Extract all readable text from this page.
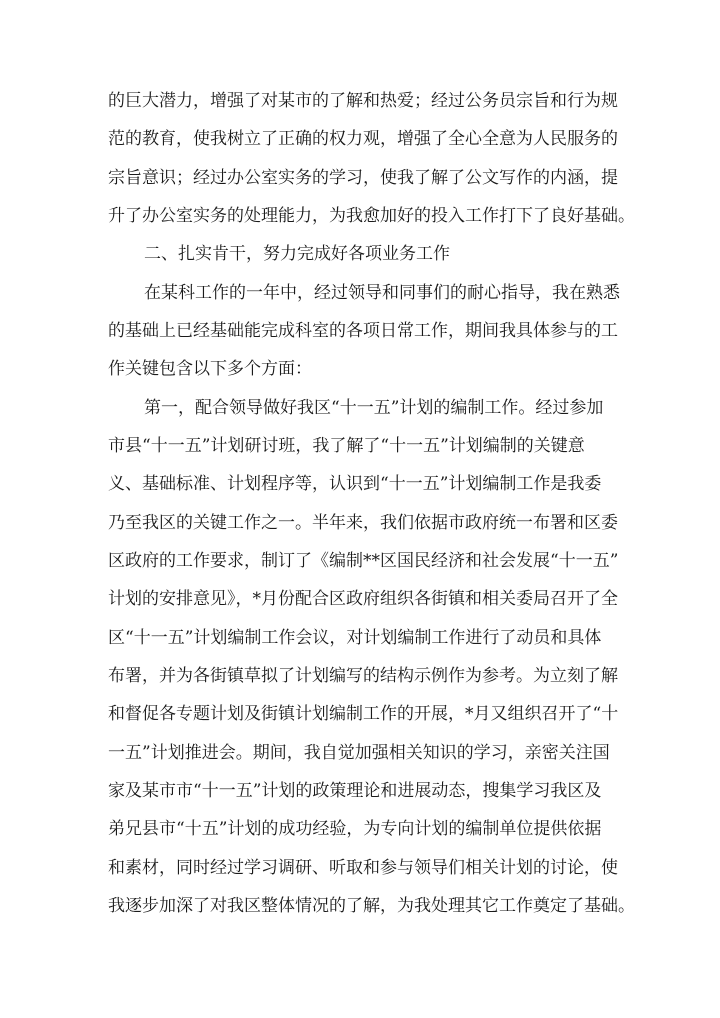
的巨大潜力，增强了对某市的了解和热爱；经过公务员宗旨和行为规
范的教育，使我树立了正确的权力观，增强了全心全意为人民服务的
宗旨意识；经过办公室实务的学习，使我了解了公文写作的内涵，提
升了办公室实务的处理能力，为我愈加好的投入工作打下了良好基础。
二、扎实肯干，努力完成好各项业务工作
在某科工作的一年中，经过领导和同事们的耐心指导，我在熟悉
的基础上已经基础能完成科室的各项日常工作，期间我具体参与的工
作关键包含以下多个方面：
第一，配合领导做好我区“十一五”计划的编制工作。经过参加
市县“十一五”计划研讨班，我了解了“十一五”计划编制的关键意
义、基础标准、计划程序等，认识到“十一五”计划编制工作是我委
乃至我区的关键工作之一。半年来，我们依据市政府统一布署和区委
区政府的工作要求，制订了《编制**区国民经济和社会发展“十一五”
计划的安排意见》，*月份配合区政府组织各街镇和相关委局召开了全
区“十一五”计划编制工作会议，对计划编制工作进行了动员和具体
布署，并为各街镇草拟了计划编写的结构示例作为参考。为立刻了解
和督促各专题计划及街镇计划编制工作的开展，*月又组织召开了“十
一五”计划推进会。期间，我自觉加强相关知识的学习，亲密关注国
家及某市市“十一五”计划的政策理论和进展动态，搜集学习我区及
弟兄县市“十五”计划的成功经验，为专向计划的编制单位提供依据
和素材，同时经过学习调研、听取和参与领导们相关计划的讨论，使
我逐步加深了对我区整体情况的了解，为我处理其它工作奠定了基础。
